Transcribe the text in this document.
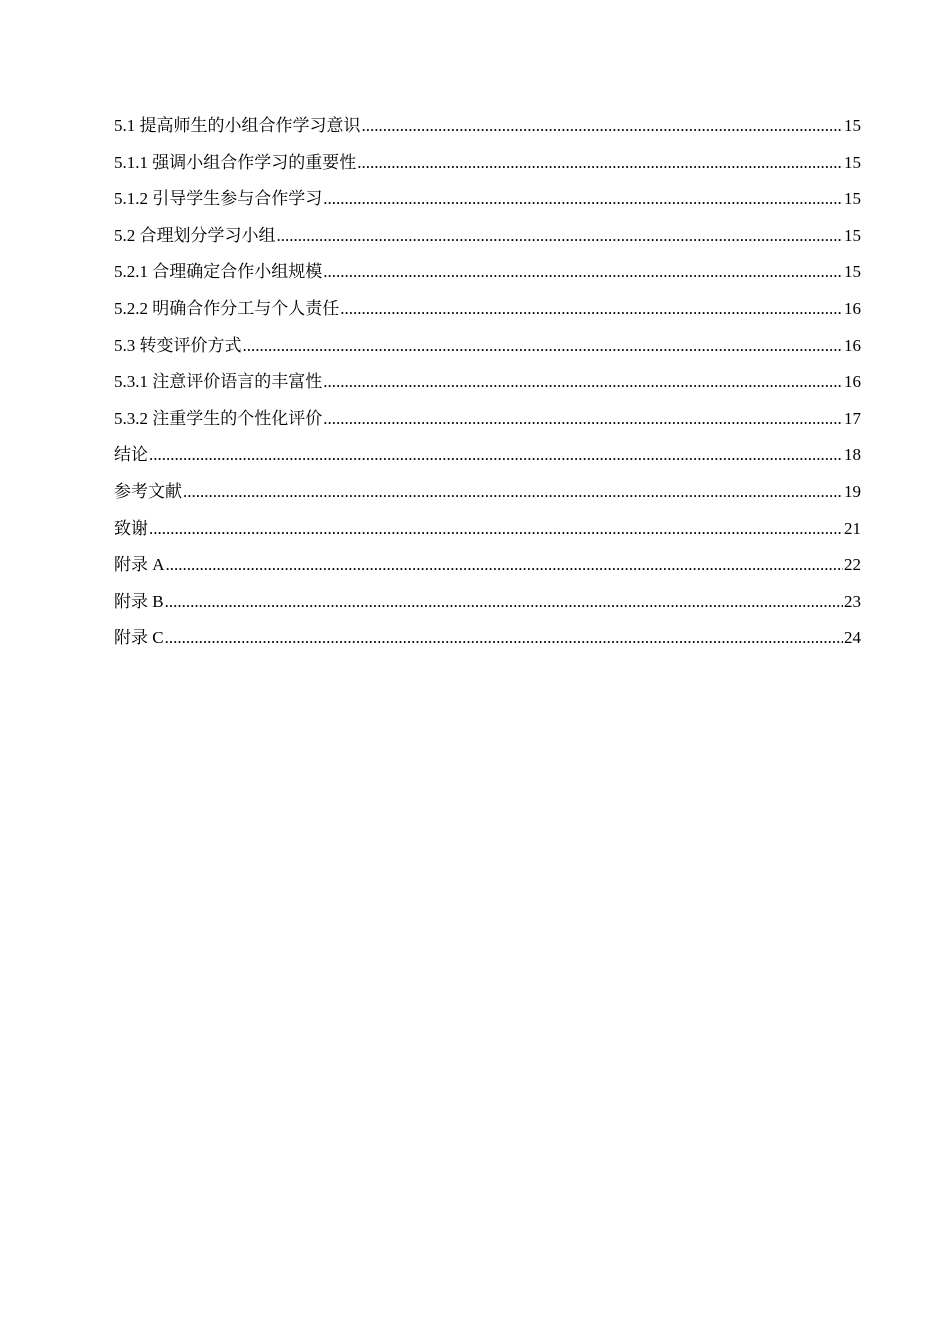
5.1 提高师生的小组合作学习意识 .....	15
5.1.1 强调小组合作学习的重要性 .....	15
5.1.2 引导学生参与合作学习 .....	15
5.2 合理划分学习小组 .....	15
5.2.1 合理确定合作小组规模 .....	15
5.2.2 明确合作分工与个人责任 .....	16
5.3 转变评价方式 .....	16
5.3.1 注意评价语言的丰富性 .....	16
5.3.2 注重学生的个性化评价 .....	17
结论 .....	18
参考文献 .....	19
致谢 .....	21
附录 A .....	22
附录 B .....	23
附录 C .....	24
